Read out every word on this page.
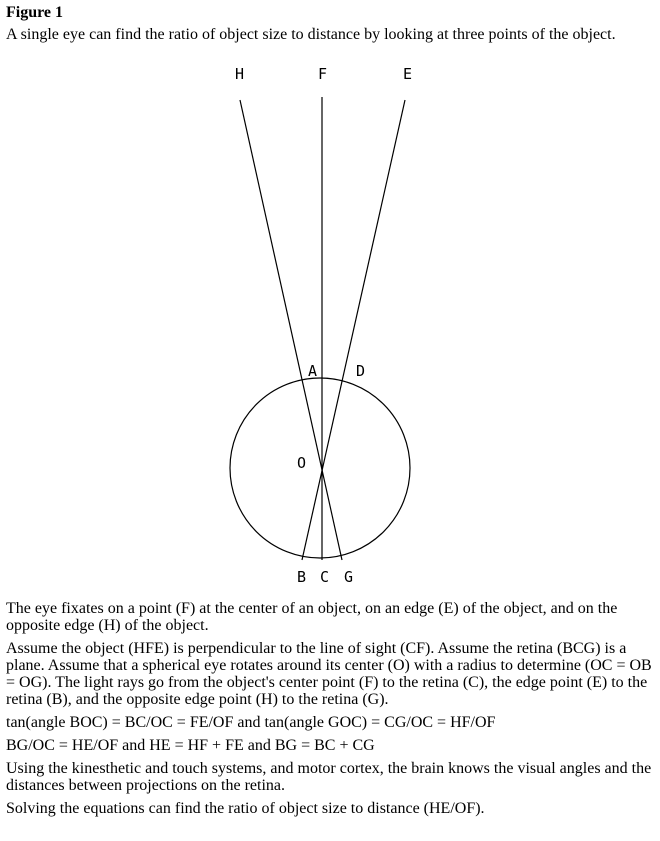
Figure 1
A single eye can find the ratio of object size to distance by looking at three points of the object.
H	F	E
A	D
O
B C G

The eye fixates on a point (F) at the center of an object, on an edge (E) of the object, and on the opposite edge (H) of the object.

Assume the object (HFE) is perpendicular to the line of sight (CF). Assume the retina (BCG) is a plane. Assume that a spherical eye rotates around its center (O) with a radius to determine (OC = OB = OG). The light rays go from the object's center point (F) to the retina (C), the edge point (E) to the retina (B), and the opposite edge point (H) to the retina (G).

tan(angle BOC) = BC/OC = FE/OF and tan(angle GOC) = CG/OC = HF/OF

BG/OC = HE/OF and HE = HF + FE and BG = BC + CG

Using the kinesthetic and touch systems, and motor cortex, the brain knows the visual angles and the distances between projections on the retina.

Solving the equations can find the ratio of object size to distance (HE/OF).
